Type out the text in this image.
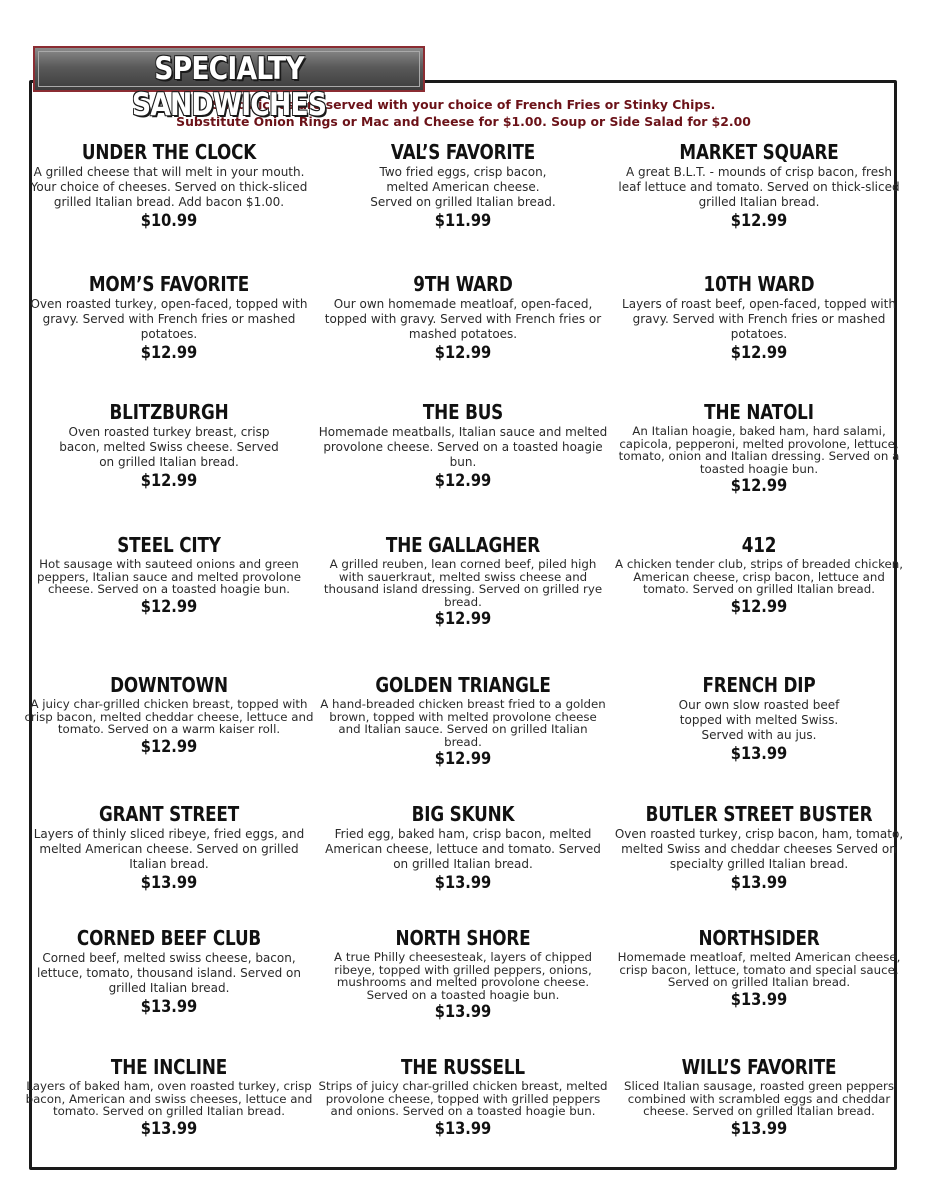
SPECIALTY SANDWICHES
Sandwiches are served with your choice of French Fries or Stinky Chips.
Substitute Onion Rings or Mac and Cheese for $1.00. Soup or Side Salad for $2.00
UNDER THE CLOCK
A grilled cheese that will melt in your mouth. Your choice of cheeses. Served on thick-sliced grilled Italian bread. Add bacon $1.00.
$10.99
VAL’S FAVORITE
Two fried eggs, crisp bacon, melted American cheese. Served on grilled Italian bread.
$11.99
MARKET SQUARE
A great B.L.T. - mounds of crisp bacon, fresh leaf lettuce and tomato. Served on thick-sliced grilled Italian bread.
$12.99
MOM’S FAVORITE
Oven roasted turkey, open-faced, topped with gravy. Served with French fries or mashed potatoes.
$12.99
9TH WARD
Our own homemade meatloaf, open-faced, topped with gravy. Served with French fries or mashed potatoes.
$12.99
10TH WARD
Layers of roast beef, open-faced, topped with gravy. Served with French fries or mashed potatoes.
$12.99
BLITZBURGH
Oven roasted turkey breast, crisp bacon, melted Swiss cheese. Served on grilled Italian bread.
$12.99
THE BUS
Homemade meatballs, Italian sauce and melted provolone cheese. Served on a toasted hoagie bun.
$12.99
THE NATOLI
An Italian hoagie, baked ham, hard salami, capicola, pepperoni, melted provolone, lettuce, tomato, onion and Italian dressing. Served on a toasted hoagie bun.
$12.99
STEEL CITY
Hot sausage with sauteed onions and green peppers, Italian sauce and melted provolone cheese. Served on a toasted hoagie bun.
$12.99
THE GALLAGHER
A grilled reuben, lean corned beef, piled high with sauerkraut, melted swiss cheese and thousand island dressing. Served on grilled rye bread.
$12.99
412
A chicken tender club, strips of breaded chicken, American cheese, crisp bacon, lettuce and tomato. Served on grilled Italian bread.
$12.99
DOWNTOWN
A juicy char-grilled chicken breast, topped with crisp bacon, melted cheddar cheese, lettuce and tomato. Served on a warm kaiser roll.
$12.99
GOLDEN TRIANGLE
A hand-breaded chicken breast fried to a golden brown, topped with melted provolone cheese and Italian sauce. Served on grilled Italian bread.
$12.99
FRENCH DIP
Our own slow roasted beef topped with melted Swiss. Served with au jus.
$13.99
GRANT STREET
Layers of thinly sliced ribeye, fried eggs, and melted American cheese. Served on grilled Italian bread.
$13.99
BIG SKUNK
Fried egg, baked ham, crisp bacon, melted American cheese, lettuce and tomato. Served on grilled Italian bread.
$13.99
BUTLER STREET BUSTER
Oven roasted turkey, crisp bacon, ham, tomato, melted Swiss and cheddar cheeses Served on specialty grilled Italian bread.
$13.99
CORNED BEEF CLUB
Corned beef, melted swiss cheese, bacon, lettuce, tomato, thousand island. Served on grilled Italian bread.
$13.99
NORTH SHORE
A true Philly cheesesteak, layers of chipped ribeye, topped with grilled peppers, onions, mushrooms and melted provolone cheese. Served on a toasted hoagie bun.
$13.99
NORTHSIDER
Homemade meatloaf, melted American cheese, crisp bacon, lettuce, tomato and special sauce. Served on grilled Italian bread.
$13.99
THE INCLINE
Layers of baked ham, oven roasted turkey, crisp bacon, American and swiss cheeses, lettuce and tomato. Served on grilled Italian bread.
$13.99
THE RUSSELL
Strips of juicy char-grilled chicken breast, melted provolone cheese, topped with grilled peppers and onions. Served on a toasted hoagie bun.
$13.99
WILL’S FAVORITE
Sliced Italian sausage, roasted green peppers combined with scrambled eggs and cheddar cheese. Served on grilled Italian bread.
$13.99
